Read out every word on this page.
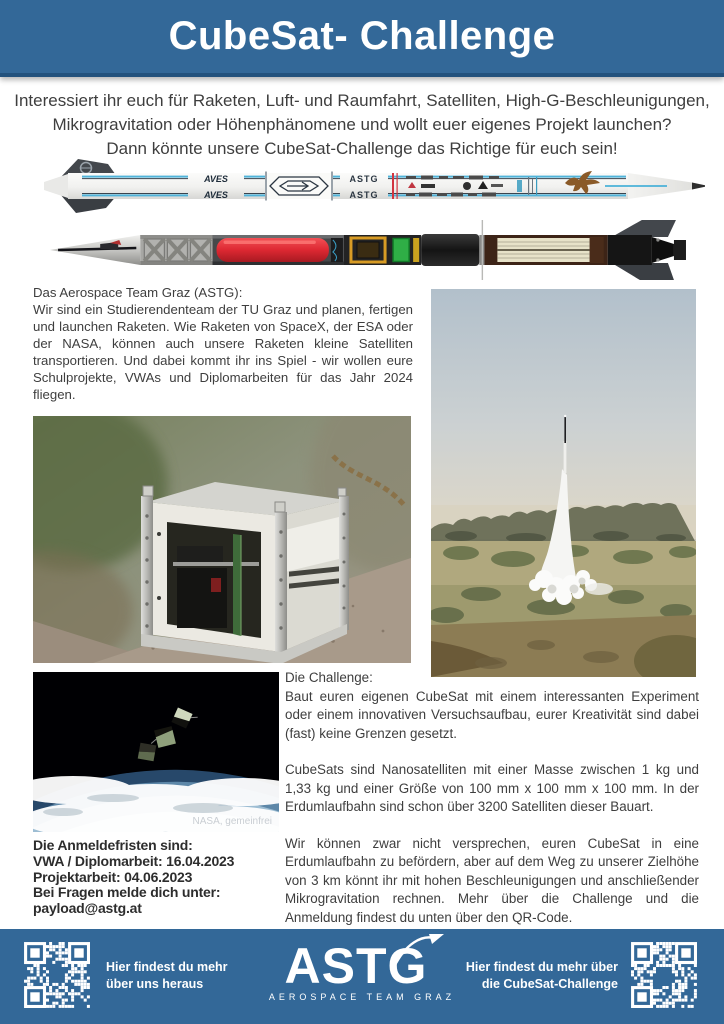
CubeSat- Challenge
Interessiert ihr euch für Raketen, Luft- und Raumfahrt, Satelliten, High-G-Beschleunigungen,
Mikrogravitation oder Höhenphänomene und wollt euer eigenes Projekt launchen?
Dann könnte unsere CubeSat-Challenge das Richtige für euch sein!
AVES
AVES
ASTG
ASTG
Das Aerospace Team Graz (ASTG):

Wir sind ein Studierendenteam der TU Graz und planen, fertigen und launchen Raketen. Wie Raketen von SpaceX, der ESA oder der NASA, können auch unsere Raketen kleine Satelliten transportieren. Und dabei kommt ihr ins Spiel - wir wollen eure Schulprojekte, VWAs und Diplomarbeiten für das Jahr 2024 fliegen.

NASA, gemeinfrei
Die Anmeldefristen sind:
VWA / Diplomarbeit: 16.04.2023
Projektarbeit: 04.06.2023
Bei Fragen melde dich unter:
payload@astg.at
Die Challenge:

Baut euren eigenen CubeSat mit einem interessanten Experiment oder einem innovativen Versuchsaufbau, eurer Kreativität sind dabei (fast) keine Grenzen gesetzt.

CubeSats sind Nanosatelliten mit einer Masse zwischen 1 kg und 1,33 kg und einer Größe von 100 mm x 100 mm x 100 mm. In der Erdumlaufbahn sind schon über 3200 Satelliten dieser Bauart.

Wir können zwar nicht versprechen, euren CubeSat in eine Erdumlaufbahn zu befördern, aber auf dem Weg zu unserer Zielhöhe von 3 km könnt ihr mit hohen Beschleunigungen und anschließender Mikrogravitation rechnen. Mehr über die Challenge und die Anmeldung findest du unten über den QR-Code.

Hier findest du mehr
über uns heraus	ASTG
AEROSPACE TEAM GRAZ
Hier findest du mehr über
die CubeSat-Challenge
